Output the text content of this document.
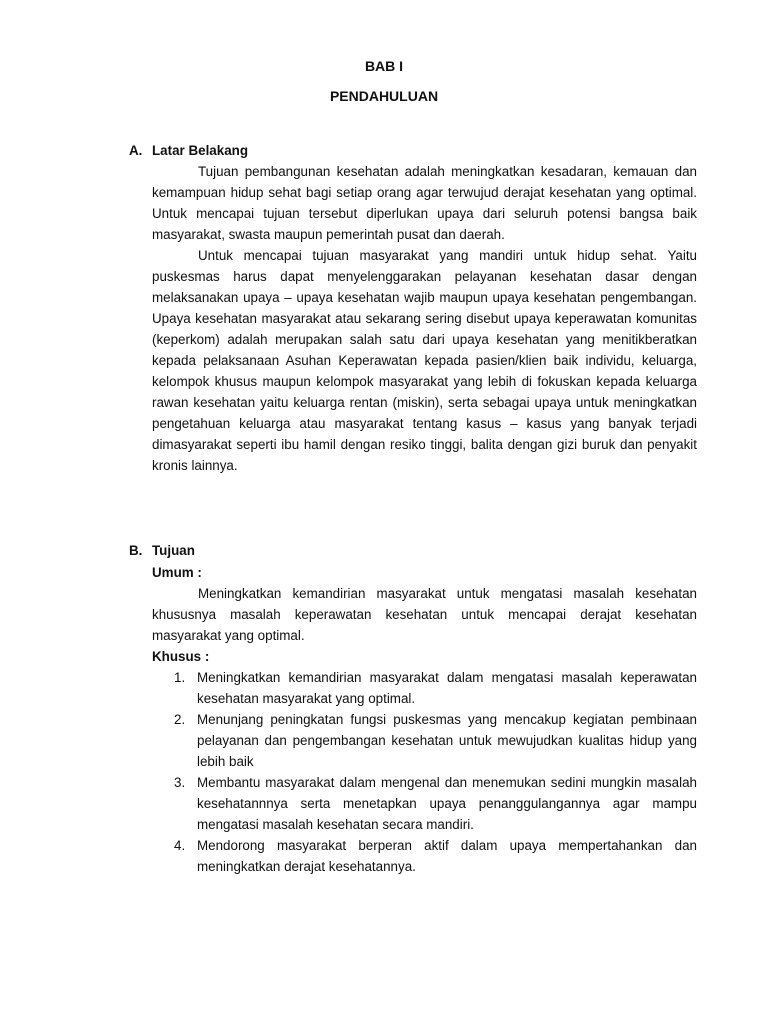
BAB I
PENDAHULUAN
A. Latar Belakang

Tujuan pembangunan kesehatan adalah meningkatkan kesadaran, kemauan dan kemampuan hidup sehat bagi setiap orang agar terwujud derajat kesehatan yang optimal. Untuk mencapai tujuan tersebut diperlukan upaya dari seluruh potensi bangsa baik masyarakat, swasta maupun pemerintah pusat dan daerah.

Untuk mencapai tujuan masyarakat yang mandiri untuk hidup sehat. Yaitu puskesmas harus dapat menyelenggarakan pelayanan kesehatan dasar dengan melaksanakan upaya – upaya kesehatan wajib maupun upaya kesehatan pengembangan. Upaya kesehatan masyarakat atau sekarang sering disebut upaya keperawatan komunitas (keperkom) adalah merupakan salah satu dari upaya kesehatan yang menitikberatkan kepada pelaksanaan Asuhan Keperawatan kepada pasien/klien baik individu, keluarga, kelompok khusus maupun kelompok masyarakat yang lebih di fokuskan kepada keluarga rawan kesehatan yaitu keluarga rentan (miskin), serta sebagai upaya untuk meningkatkan pengetahuan keluarga atau masyarakat tentang kasus – kasus yang banyak terjadi dimasyarakat seperti ibu hamil dengan resiko tinggi, balita dengan gizi buruk dan penyakit kronis lainnya.

B. Tujuan
Umum :

Meningkatkan kemandirian masyarakat untuk mengatasi masalah kesehatan khususnya masalah keperawatan kesehatan untuk mencapai derajat kesehatan masyarakat yang optimal.

Khusus :
1. Meningkatkan kemandirian masyarakat dalam mengatasi masalah keperawatan kesehatan masyarakat yang optimal.
2. Menunjang peningkatan fungsi puskesmas yang mencakup kegiatan pembinaan pelayanan dan pengembangan kesehatan untuk mewujudkan kualitas hidup yang lebih baik
3. Membantu masyarakat dalam mengenal dan menemukan sedini mungkin masalah kesehatannnya serta menetapkan upaya penanggulangannya agar mampu mengatasi masalah kesehatan secara mandiri.
4. Mendorong masyarakat berperan aktif dalam upaya mempertahankan dan meningkatkan derajat kesehatannya.
